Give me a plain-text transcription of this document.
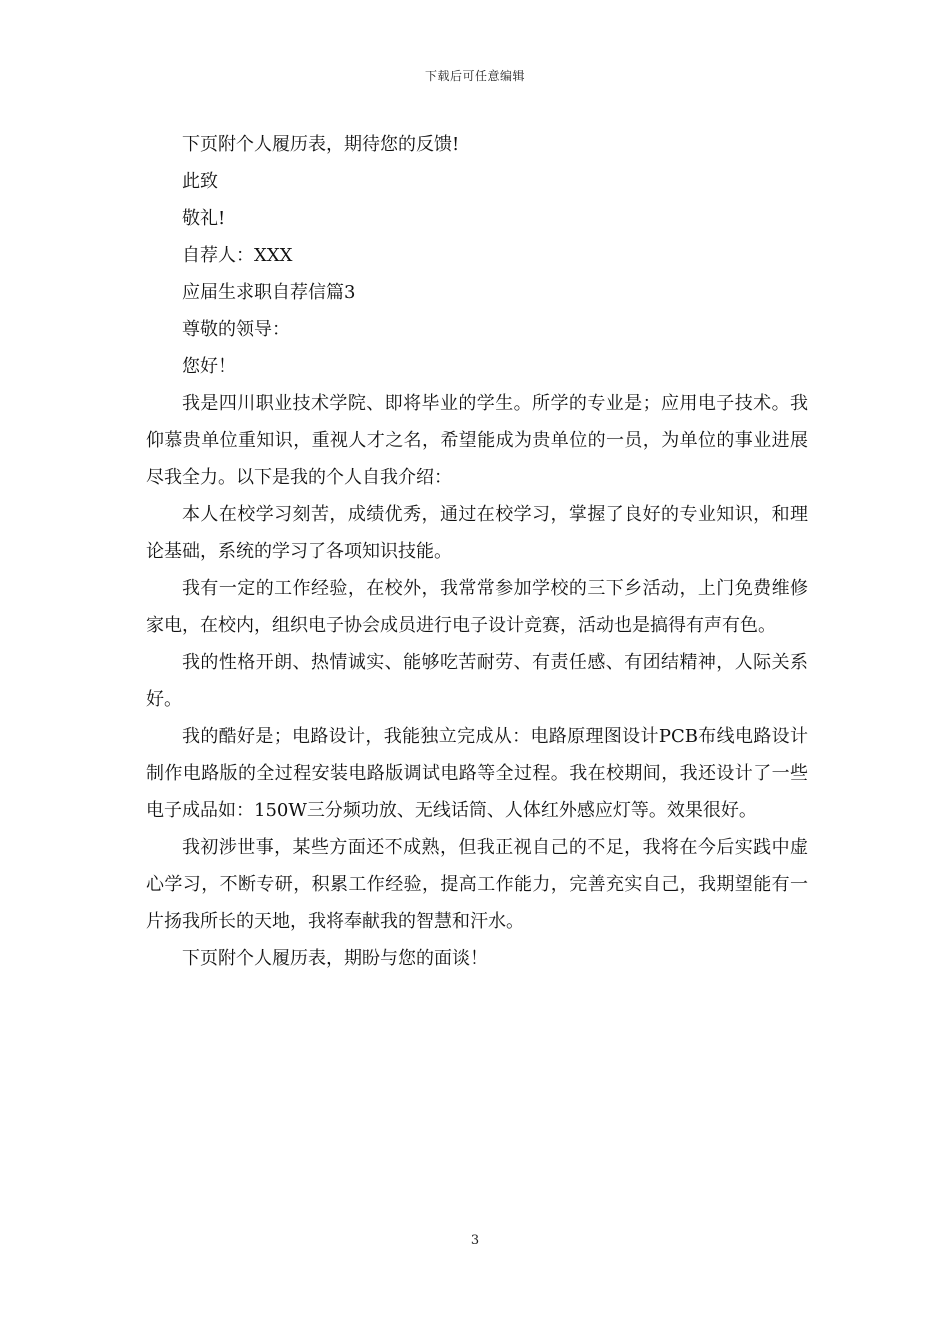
下载后可任意编辑
下页附个人履历表，期待您的反馈!
此致
敬礼!
自荐人：XXX
应届生求职自荐信篇3
尊敬的领导：
您好！

我是四川职业技术学院、即将毕业的学生。所学的专业是；应用电子技术。我仰慕贵单位重知识，重视人才之名，希望能成为贵单位的一员，为单位的事业进展尽我全力。以下是我的个人自我介绍：

本人在校学习刻苦，成绩优秀，通过在校学习，掌握了良好的专业知识，和理论基础，系统的学习了各项知识技能。

我有一定的工作经验，在校外，我常常参加学校的三下乡活动，上门免费维修家电，在校内，组织电子协会成员进行电子设计竞赛，活动也是搞得有声有色。

我的性格开朗、热情诚实、能够吃苦耐劳、有责任感、有团结精神，人际关系好。

我的酷好是；电路设计，我能独立完成从：电路原理图设计PCB布线电路设计制作电路版的全过程安装电路版调试电路等全过程。我在校期间，我还设计了一些电子成品如：150W三分频功放、无线话筒、人体红外感应灯等。效果很好。

我初涉世事，某些方面还不成熟，但我正视自己的不足，我将在今后实践中虚心学习，不断专研，积累工作经验，提高工作能力，完善充实自己，我期望能有一片扬我所长的天地，我将奉献我的智慧和汗水。

下页附个人履历表，期盼与您的面谈！

3
